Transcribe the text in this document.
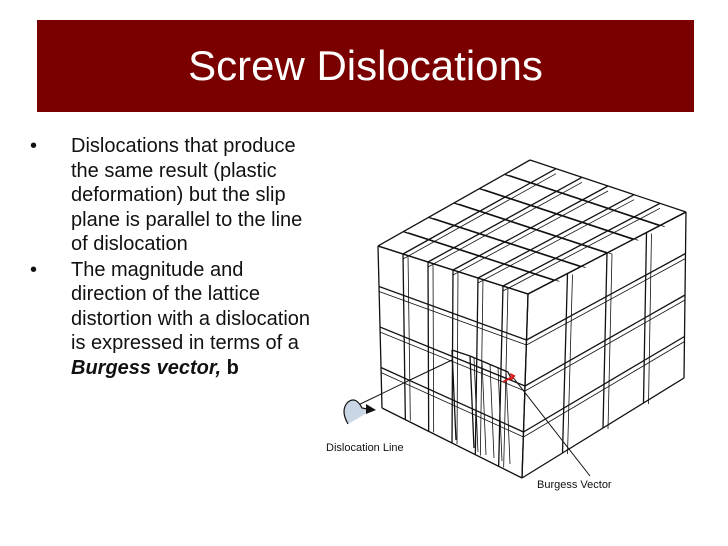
Screw Dislocations
• Dislocations that produce the same result (plastic deformation) but the slip plane is parallel to the line of dislocation
• The magnitude and direction of the lattice distortion with a dislocation is expressed in terms of a Burgess vector, b
Dislocation Line
Burgess Vector
